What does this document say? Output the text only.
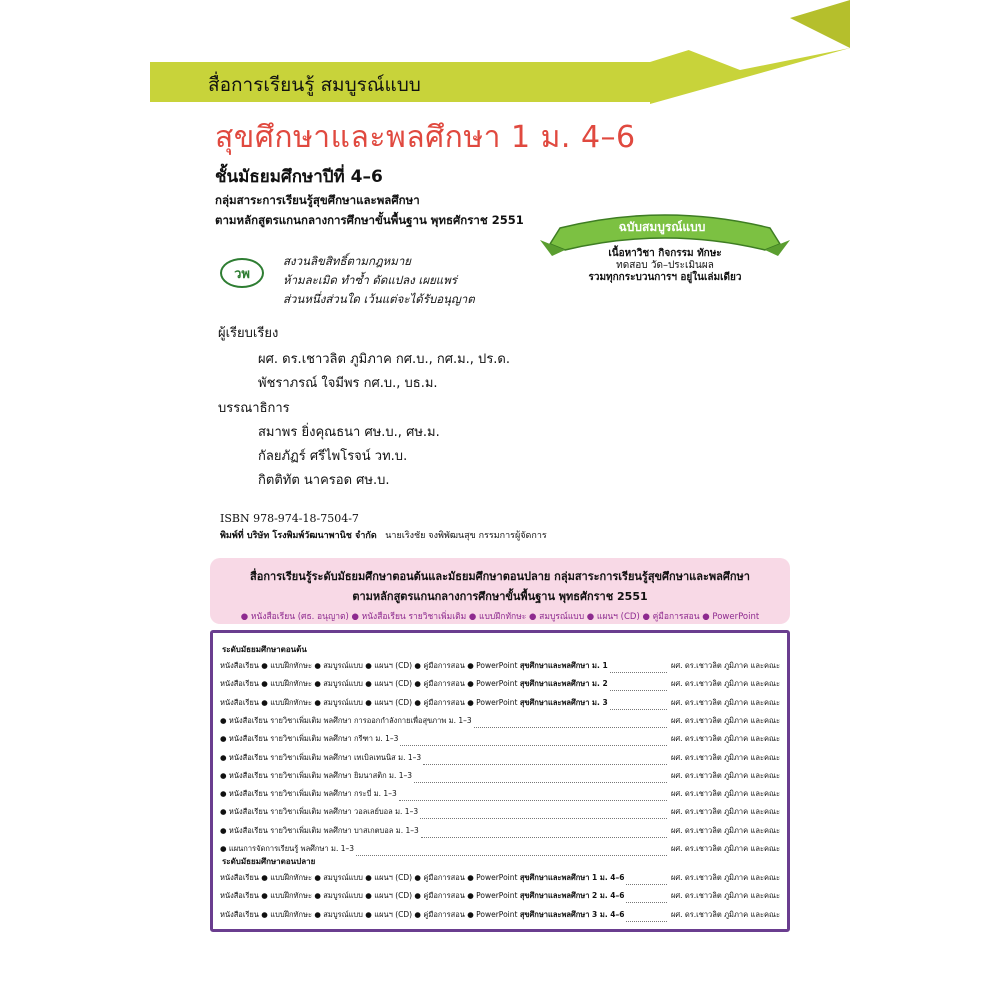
สื่อการเรียนรู้ สมบูรณ์แบบ
สุขศึกษาและพลศึกษา 1 ม. 4–6
ชั้นมัธยมศึกษาปีที่ 4–6
กลุ่มสาระการเรียนรู้สุขศึกษาและพลศึกษา
ตามหลักสูตรแกนกลางการศึกษาขั้นพื้นฐาน พุทธศักราช 2551	ฉบับสมบูรณ์แบบ
เนื้อหาวิชา กิจกรรม ทักษะ
ทดสอบ วัด–ประเมินผล
รวมทุกกระบวนการฯ อยู่ในเล่มเดียว
วพ
สงวนลิขสิทธิ์ตามกฎหมาย
ห้ามละเมิด ทำซ้ำ ดัดแปลง เผยแพร่
ส่วนหนึ่งส่วนใด เว้นแต่จะได้รับอนุญาต
ผู้เรียบเรียง
ผศ. ดร.เชาวลิต ภูมิภาค กศ.บ., กศ.ม., ปร.ด.
พัชราภรณ์ ใจมีพร กศ.บ., บธ.ม.
บรรณาธิการ
สมาพร ยิ่งคุณธนา ศษ.บ., ศษ.ม.
กัลยภัฏร์ ศรีไพโรจน์ วท.บ.
กิตติทัต นาครอด ศษ.บ.
ISBN 978-974-18-7504-7
พิมพ์ที่ บริษัท โรงพิมพ์วัฒนาพานิช จำกัด นายเริงชัย จงพิพัฒนสุข กรรมการผู้จัดการ
สื่อการเรียนรู้ระดับมัธยมศึกษาตอนต้นและมัธยมศึกษาตอนปลาย กลุ่มสาระการเรียนรู้สุขศึกษาและพลศึกษา
ตามหลักสูตรแกนกลางการศึกษาขั้นพื้นฐาน พุทธศักราช 2551
● หนังสือเรียน (ศธ. อนุญาต) ● หนังสือเรียน รายวิชาเพิ่มเติม ● แบบฝึกทักษะ ● สมบูรณ์แบบ ● แผนฯ (CD) ● คู่มือการสอน ● PowerPoint
ระดับมัธยมศึกษาตอนต้น
หนังสือเรียน ● แบบฝึกทักษะ ● สมบูรณ์แบบ ● แผนฯ (CD) ● คู่มือการสอน ● PowerPoint สุขศึกษาและพลศึกษา ม. 1	ผศ. ดร.เชาวลิต ภูมิภาค และคณะ
หนังสือเรียน ● แบบฝึกทักษะ ● สมบูรณ์แบบ ● แผนฯ (CD) ● คู่มือการสอน ● PowerPoint สุขศึกษาและพลศึกษา ม. 2	ผศ. ดร.เชาวลิต ภูมิภาค และคณะ
หนังสือเรียน ● แบบฝึกทักษะ ● สมบูรณ์แบบ ● แผนฯ (CD) ● คู่มือการสอน ● PowerPoint สุขศึกษาและพลศึกษา ม. 3	ผศ. ดร.เชาวลิต ภูมิภาค และคณะ
● หนังสือเรียน รายวิชาเพิ่มเติม พลศึกษา การออกกำลังกายเพื่อสุขภาพ ม. 1–3	ผศ. ดร.เชาวลิต ภูมิภาค และคณะ
● หนังสือเรียน รายวิชาเพิ่มเติม พลศึกษา กรีฑา ม. 1–3	ผศ. ดร.เชาวลิต ภูมิภาค และคณะ
● หนังสือเรียน รายวิชาเพิ่มเติม พลศึกษา เทเบิลเทนนิส ม. 1–3	ผศ. ดร.เชาวลิต ภูมิภาค และคณะ
● หนังสือเรียน รายวิชาเพิ่มเติม พลศึกษา ยิมนาสติก ม. 1–3	ผศ. ดร.เชาวลิต ภูมิภาค และคณะ
● หนังสือเรียน รายวิชาเพิ่มเติม พลศึกษา กระบี่ ม. 1–3	ผศ. ดร.เชาวลิต ภูมิภาค และคณะ
● หนังสือเรียน รายวิชาเพิ่มเติม พลศึกษา วอลเลย์บอล ม. 1–3	ผศ. ดร.เชาวลิต ภูมิภาค และคณะ
● หนังสือเรียน รายวิชาเพิ่มเติม พลศึกษา บาสเกตบอล ม. 1–3	ผศ. ดร.เชาวลิต ภูมิภาค และคณะ
● แผนการจัดการเรียนรู้ พลศึกษา ม. 1–3	ผศ. ดร.เชาวลิต ภูมิภาค และคณะ
ระดับมัธยมศึกษาตอนปลาย
หนังสือเรียน ● แบบฝึกทักษะ ● สมบูรณ์แบบ ● แผนฯ (CD) ● คู่มือการสอน ● PowerPoint สุขศึกษาและพลศึกษา 1 ม. 4–6	ผศ. ดร.เชาวลิต ภูมิภาค และคณะ
หนังสือเรียน ● แบบฝึกทักษะ ● สมบูรณ์แบบ ● แผนฯ (CD) ● คู่มือการสอน ● PowerPoint สุขศึกษาและพลศึกษา 2 ม. 4–6	ผศ. ดร.เชาวลิต ภูมิภาค และคณะ
หนังสือเรียน ● แบบฝึกทักษะ ● สมบูรณ์แบบ ● แผนฯ (CD) ● คู่มือการสอน ● PowerPoint สุขศึกษาและพลศึกษา 3 ม. 4–6	ผศ. ดร.เชาวลิต ภูมิภาค และคณะ
